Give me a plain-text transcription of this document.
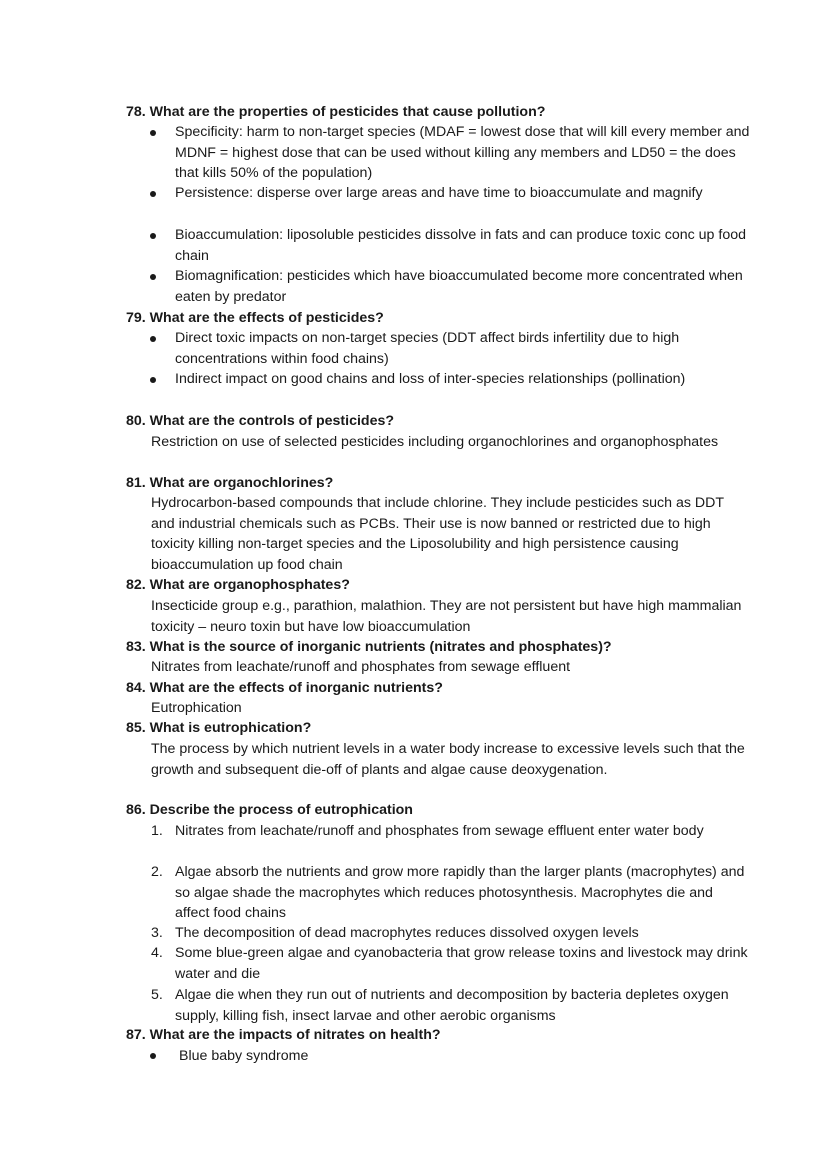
78. What are the properties of pesticides that cause pollution?
Specificity: harm to non-target species (MDAF = lowest dose that will kill every member and MDNF = highest dose that can be used without killing any members and LD50 = the does that kills 50% of the population)
Persistence: disperse over large areas and have time to bioaccumulate and magnify
Bioaccumulation: liposoluble pesticides dissolve in fats and can produce toxic conc up food chain
Biomagnification: pesticides which have bioaccumulated become more concentrated when eaten by predator
79. What are the effects of pesticides?
Direct toxic impacts on non-target species (DDT affect birds infertility due to high concentrations within food chains)
Indirect impact on good chains and loss of inter-species relationships (pollination)
80. What are the controls of pesticides?
Restriction on use of selected pesticides including organochlorines and organophosphates
81. What are organochlorines?
Hydrocarbon-based compounds that include chlorine. They include pesticides such as DDT and industrial chemicals such as PCBs. Their use is now banned or restricted due to high toxicity killing non-target species and the Liposolubility and high persistence causing bioaccumulation up food chain
82. What are organophosphates?
Insecticide group e.g., parathion, malathion. They are not persistent but have high mammalian toxicity – neuro toxin but have low bioaccumulation
83. What is the source of inorganic nutrients (nitrates and phosphates)?
Nitrates from leachate/runoff and phosphates from sewage effluent
84. What are the effects of inorganic nutrients?
Eutrophication
85. What is eutrophication?
The process by which nutrient levels in a water body increase to excessive levels such that the growth and subsequent die-off of plants and algae cause deoxygenation.
86. Describe the process of eutrophication
1. Nitrates from leachate/runoff and phosphates from sewage effluent enter water body
2. Algae absorb the nutrients and grow more rapidly than the larger plants (macrophytes) and so algae shade the macrophytes which reduces photosynthesis. Macrophytes die and affect food chains
3. The decomposition of dead macrophytes reduces dissolved oxygen levels
4. Some blue-green algae and cyanobacteria that grow release toxins and livestock may drink water and die
5. Algae die when they run out of nutrients and decomposition by bacteria depletes oxygen supply, killing fish, insect larvae and other aerobic organisms
87. What are the impacts of nitrates on health?
Blue baby syndrome
